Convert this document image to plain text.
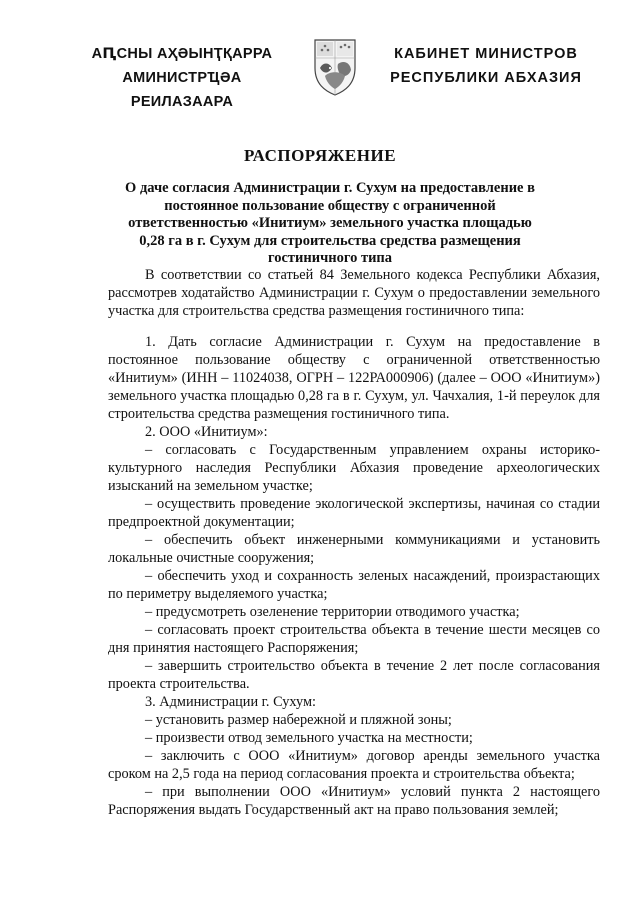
АԤСНЫ АҲӘЫНҬҚАРРА
АМИНИСТРҴӘА РЕИЛАЗААРА
КАБИНЕТ МИНИСТРОВ
РЕСПУБЛИКИ АБХАЗИЯ
РАСПОРЯЖЕНИЕ
О даче согласия Администрации г. Сухум на предоставление в постоянное пользование обществу с ограниченной ответственностью «Инитиум» земельного участка площадью 0,28 га в г. Сухум для строительства средства размещения гостиничного типа

В соответствии со статьей 84 Земельного кодекса Республики Абхазия, рассмотрев ходатайство Администрации г. Сухум о предоставлении земельного участка для строительства средства размещения гостиничного типа:

1. Дать согласие Администрации г. Сухум на предоставление в постоянное пользование обществу с ограниченной ответственностью «Инитиум» (ИНН – 11024038, ОГРН – 122РА000906) (далее – ООО «Инитиум») земельного участка площадью 0,28 га в г. Сухум, ул. Чачхалия, 1-й переулок для строительства средства размещения гостиничного типа.

2. ООО «Инитиум»:

– согласовать с Государственным управлением охраны историко-культурного наследия Республики Абхазия проведение археологических изысканий на земельном участке;

– осуществить проведение экологической экспертизы, начиная со стадии предпроектной документации;

– обеспечить объект инженерными коммуникациями и установить локальные очистные сооружения;

– обеспечить уход и сохранность зеленых насаждений, произрастающих по периметру выделяемого участка;

– предусмотреть озеленение территории отводимого участка;

– согласовать проект строительства объекта в течение шести месяцев со дня принятия настоящего Распоряжения;

– завершить строительство объекта в течение 2 лет после согласования проекта строительства.

3. Администрации г. Сухум:

– установить размер набережной и пляжной зоны;

– произвести отвод земельного участка на местности;

– заключить с ООО «Инитиум» договор аренды земельного участка сроком на 2,5 года на период согласования проекта и строительства объекта;

– при выполнении ООО «Инитиум» условий пункта 2 настоящего Распоряжения выдать Государственный акт на право пользования землей;
